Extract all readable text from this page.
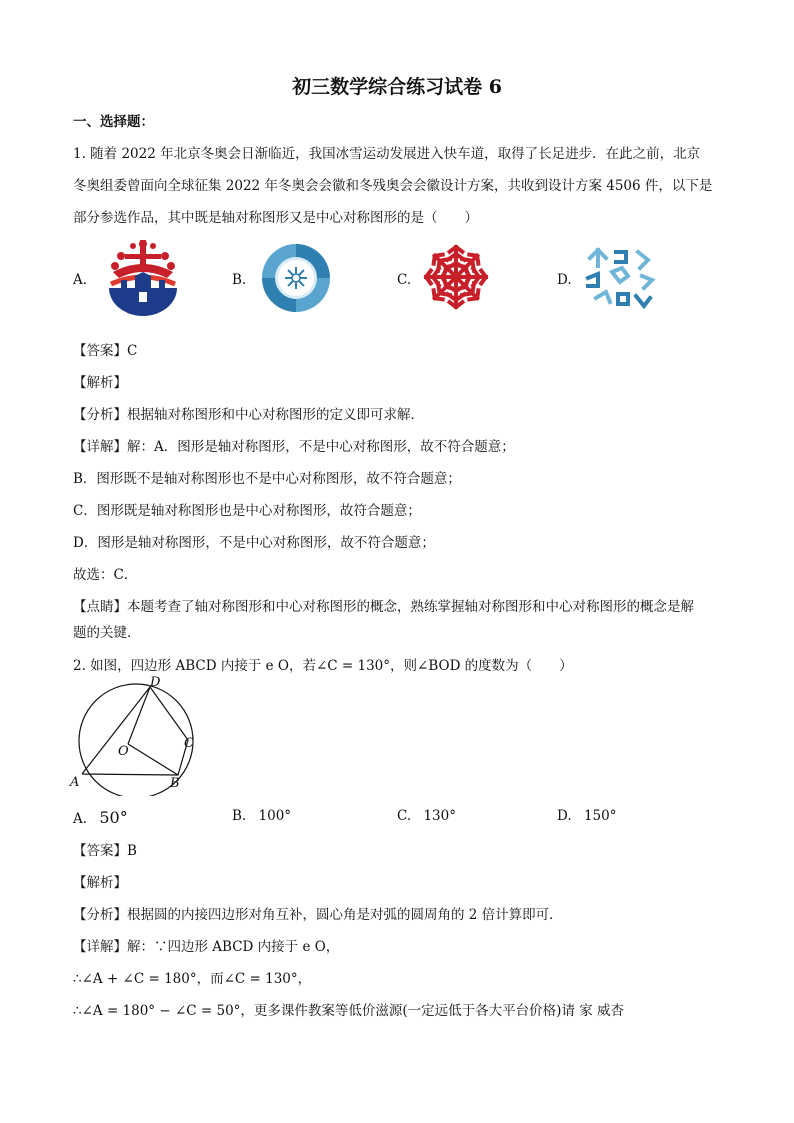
初三数学综合练习试卷 6
一、选择题：
1. 随着 2022 年北京冬奥会日渐临近，我国冰雪运动发展进入快车道，取得了长足进步．在此之前，北京
冬奥组委曾面向全球征集 2022 年冬奥会会徽和冬残奥会会徽设计方案，共收到设计方案 4506 件，以下是
部分参选作品，其中既是轴对称图形又是中心对称图形的是（　　）
A.	B.	C.	D.
【答案】C
【解析】
【分析】根据轴对称图形和中心对称图形的定义即可求解．
【详解】解：A．图形是轴对称图形，不是中心对称图形，故不符合题意；
B．图形既不是轴对称图形也不是中心对称图形，故不符合题意；
C．图形既是轴对称图形也是中心对称图形，故符合题意；
D．图形是轴对称图形，不是中心对称图形，故不符合题意；
故选：C．
【点睛】本题考查了轴对称图形和中心对称图形的概念，熟练掌握轴对称图形和中心对称图形的概念是解
题的关键．
2. 如图，四边形 ABCD 内接于 e O，若∠C = 130°，则∠BOD 的度数为（　　）
A
D
C
B
O
A. 50°	B. 100°	C. 130°	D. 150°
【答案】B
【解析】
【分析】根据圆的内接四边形对角互补，圆心角是对弧的圆周角的 2 倍计算即可．
【详解】解：∵四边形 ABCD 内接于 e O，
∴∠A + ∠C = 180°，而∠C = 130°，
∴∠A = 180° − ∠C = 50°，更多课件教案等低价滋源(一定远低于各大平台价格)请 家 威杏
